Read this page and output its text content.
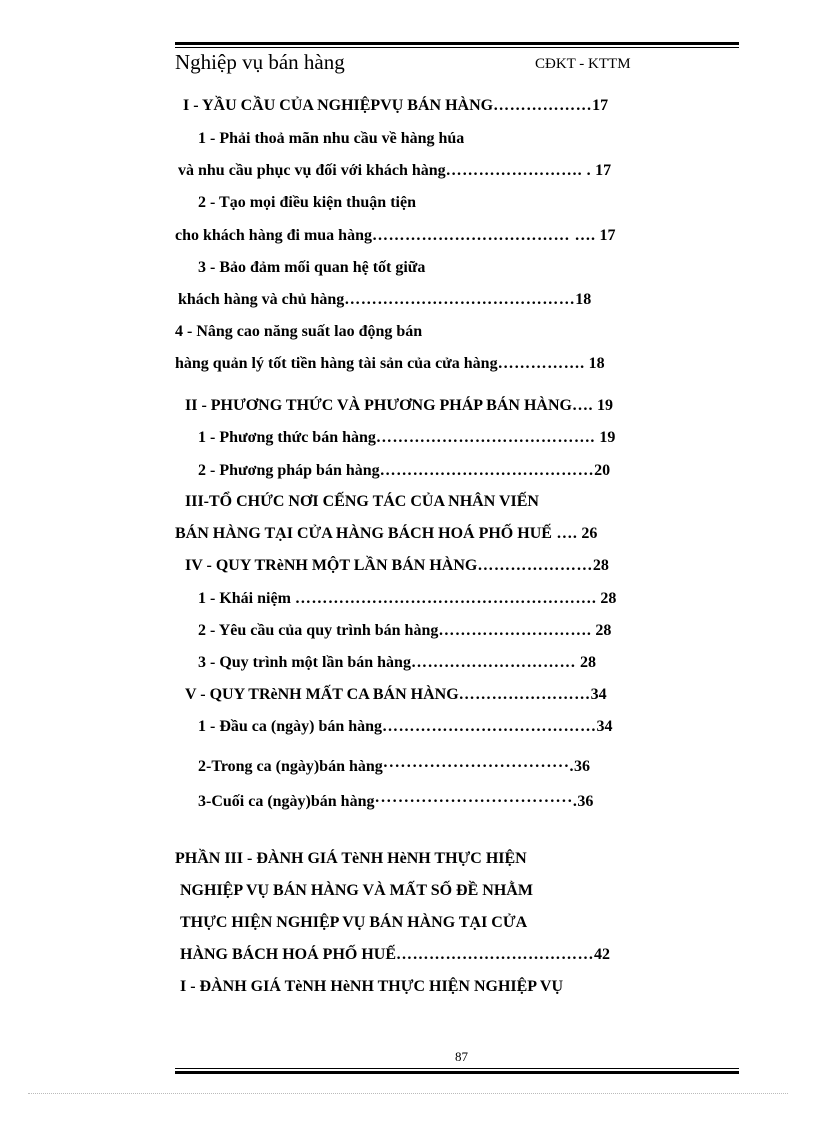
Nghiệp vụ bán hàng	CĐKT - KTTM
I - YẦU CẦU CỦA NGHIỆPVỤ BÁN HÀNG………………17
1 - Phải thoả mãn nhu cầu về hàng húa
và nhu cầu phục vụ đối với khách hàng……………………. . 17
2 - Tạo mọi điều kiện thuận tiện
cho khách hàng đi mua hàng……………………………… …. 17
3 - Bảo đảm mối quan hệ tốt giữa
khách hàng và chủ hàng……………………………………18
4 - Nâng cao năng suất lao động bán
hàng quản lý tốt tiền hàng tài sản của cửa hàng……………. 18
II - PHƯƠNG THỨC VÀ PHƯƠNG PHÁP BÁN HÀNG…. 19
1 - Phương thức bán hàng…………………………………. 19
2 - Phương pháp bán hàng…………………………………20
III-TỔ CHỨC NƠI CẾNG TÁC CỦA NHÂN VIẾN
BÁN HÀNG TẠI CỬA HÀNG BÁCH HOÁ PHỐ HUẾ …. 26
IV - QUY TRèNH MỘT LẦN BÁN HÀNG…………………28
1 - Khái niệm ………………………………………………. 28
2 - Yêu cầu của quy trình bán hàng………………………. 28
3 - Quy trình một lần bán hàng………………………… 28
V - QUY TRèNH MẤT CA BÁN HÀNG……………………34
1 - Đầu ca (ngày) bán hàng…………………………………34
2-Trong ca (ngày)bán hàng································.36
3-Cuối ca (ngày)bán hàng··································.36
PHẦN III - ĐÀNH GIÁ TèNH HèNH THỰC HIỆN
NGHIỆP VỤ BÁN HÀNG VÀ MẤT SỐ ĐỀ NHẰM
THỰC HIỆN NGHIỆP VỤ BÁN HÀNG TẠI CỬA
HÀNG BÁCH HOÁ PHỐ HUẾ………………………………42
I - ĐÀNH GIÁ TèNH HèNH THỰC HIỆN NGHIỆP VỤ
87
